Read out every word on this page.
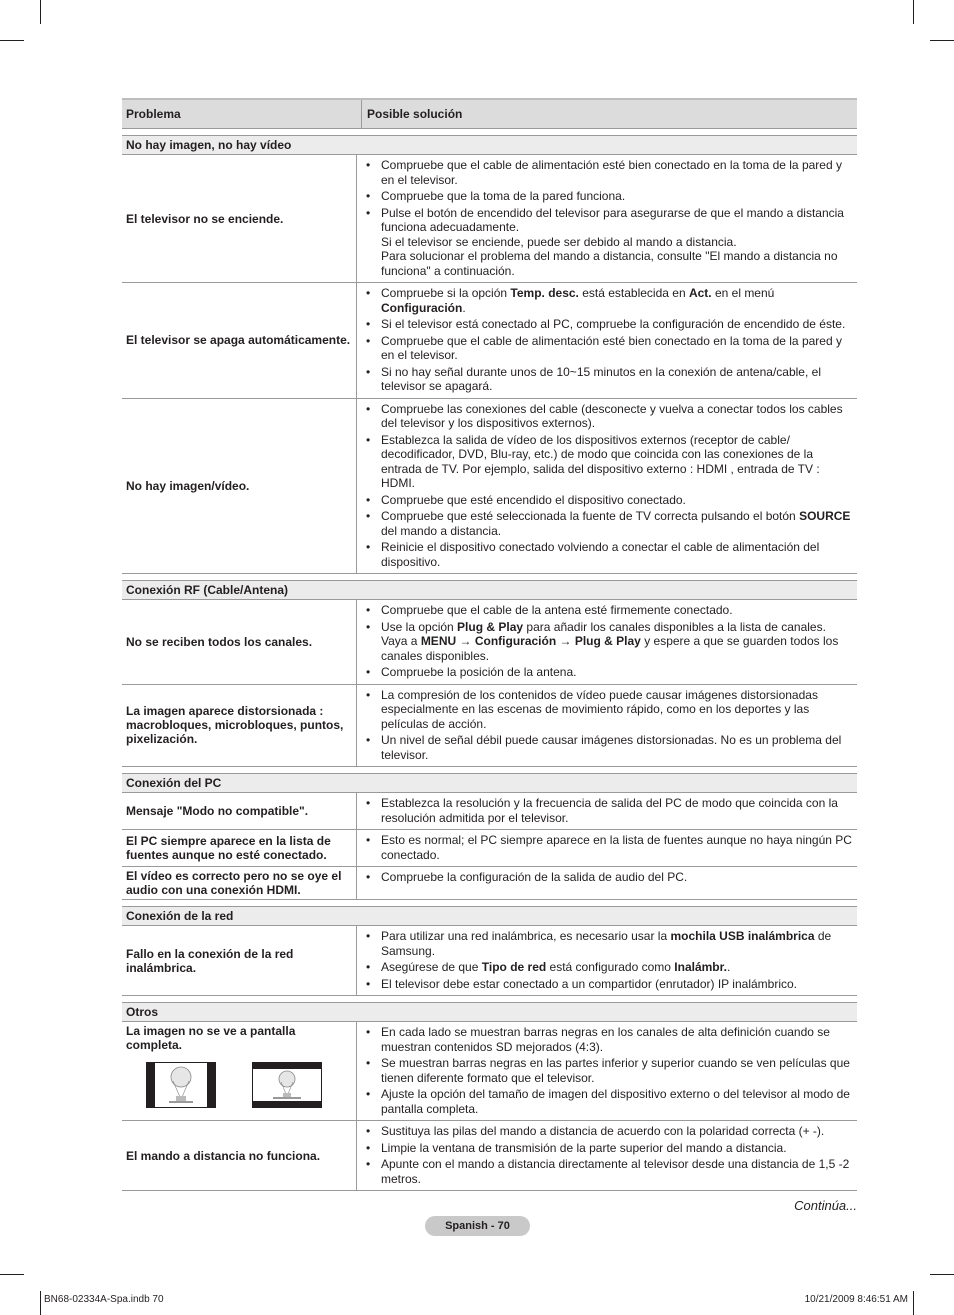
Problema	Posible solución
No hay imagen, no hay vídeo
El televisor no se enciende.
• Compruebe que el cable de alimentación esté bien conectado en la toma de la pared y en el televisor.
• Compruebe que la toma de la pared funciona.
• Pulse el botón de encendido del televisor para asegurarse de que el mando a distancia funciona adecuadamente.
Si el televisor se enciende, puede ser debido al mando a distancia.
Para solucionar el problema del mando a distancia, consulte "El mando a distancia no funciona" a continuación.
El televisor se apaga automáticamente.
• Compruebe si la opción Temp. desc. está establecida en Act. en el menú Configuración.
• Si el televisor está conectado al PC, compruebe la configuración de encendido de éste.
• Compruebe que el cable de alimentación esté bien conectado en la toma de la pared y en el televisor.
• Si no hay señal durante unos de 10~15 minutos en la conexión de antena/cable, el televisor se apagará.
No hay imagen/vídeo.
• Compruebe las conexiones del cable (desconecte y vuelva a conectar todos los cables del televisor y los dispositivos externos).
• Establezca la salida de vídeo de los dispositivos externos (receptor de cable/ decodificador, DVD, Blu-ray, etc.) de modo que coincida con las conexiones de la entrada de TV. Por ejemplo, salida del dispositivo externo : HDMI , entrada de TV : HDMI.
• Compruebe que esté encendido el dispositivo conectado.
• Compruebe que esté seleccionada la fuente de TV correcta pulsando el botón SOURCE del mando a distancia.
• Reinicie el dispositivo conectado volviendo a conectar el cable de alimentación del dispositivo.
Conexión RF (Cable/Antena)
No se reciben todos los canales.
• Compruebe que el cable de la antena esté firmemente conectado.
• Use la opción Plug & Play para añadir los canales disponibles a la lista de canales. Vaya a MENU → Configuración → Plug & Play y espere a que se guarden todos los canales disponibles.
• Compruebe la posición de la antena.
La imagen aparece distorsionada : macrobloques, microbloques, puntos, pixelización.
• La compresión de los contenidos de vídeo puede causar imágenes distorsionadas especialmente en las escenas de movimiento rápido, como en los deportes y las películas de acción.
• Un nivel de señal débil puede causar imágenes distorsionadas. No es un problema del televisor.
Conexión del PC
Mensaje "Modo no compatible".
• Establezca la resolución y la frecuencia de salida del PC de modo que coincida con la resolución admitida por el televisor.
El PC siempre aparece en la lista de fuentes aunque no esté conectado.
• Esto es normal; el PC siempre aparece en la lista de fuentes aunque no haya ningún PC conectado.
El vídeo es correcto pero no se oye el audio con una conexión HDMI.
• Compruebe la configuración de la salida de audio del PC.
Conexión de la red
Fallo en la conexión de la red inalámbrica.
• Para utilizar una red inalámbrica, es necesario usar la mochila USB inalámbrica de Samsung.
• Asegúrese de que Tipo de red está configurado como Inalámbr..
• El televisor debe estar conectado a un compartidor (enrutador) IP inalámbrico.
Otros
La imagen no se ve a pantalla completa.
• En cada lado se muestran barras negras en los canales de alta definición cuando se muestran contenidos SD mejorados (4:3).
• Se muestran barras negras en las partes inferior y superior cuando se ven películas que tienen diferente formato que el televisor.
• Ajuste la opción del tamaño de imagen del dispositivo externo o del televisor al modo de pantalla completa.
El mando a distancia no funciona.
• Sustituya las pilas del mando a distancia de acuerdo con la polaridad correcta (+ -).
• Limpie la ventana de transmisión de la parte superior del mando a distancia.
• Apunte con el mando a distancia directamente al televisor desde una distancia de 1,5 -2 metros.
Continúa...
Spanish - 70
BN68-02334A-Spa.indb 70	10/21/2009 8:46:51 AM
